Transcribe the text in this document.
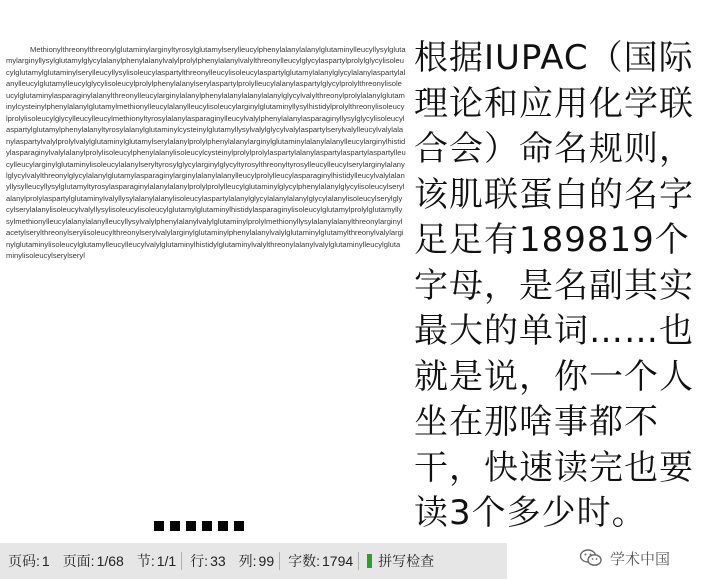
Methionylthreonylthreonylglutaminylarginyltyrosylglutamylserylleucylphenylalanylalanylglutaminylleucyllysylglutamylarginyllysylglutamylglycylalanylphenylalanylvalylprolylphenylalanylvalylthreonylleucylglycylaspartylprolylglycylisoleucylglutamylglutaminylserylleucyllysylisoleucylaspartylthreonylleucylisoleucylaspartylglutamylalanylglycylalanylaspartylalanylleucylglutamylleucylglycylisoleucylprolylphenylalanylserylaspartylprolylleucylalanylaspartylglycylprolylthreonylisoleucylglutaminylasparaginylalanylthreonylleucylarginylalanylphenylalanylalanylalanylglycylvalylthreonylprolylalanylglutaminylcysteinylphenylalanylglutamylmethionylleucylalanylleucylisoleucylarginylglutaminyllysylhistidylprolylthreonylisoleucylprolylisoleucylglycylleucylleucylmethionyltyrosylalanylasparaginylleucylvalylphenylalanylasparaginyllysylglycylisoleucylaspartylglutamylphenylalanyltyrosylalanylglutaminylcysteinylglutamyllysylvalylglycylvalylaspartylserylvalylleucylvalylalanylaspartylvalylprolylvalylglutaminylglutamylserylalanylprolylphenylalanylarginylglutaminylalanylalanylleucylarginylhistidylasparaginylvalylalanylprolylisoleucylphenylalanylisoleucylcysteinylprolylprolylaspartylalanylaspartylaspartylaspartylleucylleucylarginylglutaminylisoleucylalanylseryltyrosylglycylarginylglycyltyrosylthreonyltyrosylleucylleucylserylarginylalanylglycylvalylthreonylglycylalanylglutamylasparaginylarginylalanylalanylleucylprolylleucylasparaginylhistidylleucylvalylalanyllysylleucyllysylglutamyltyrosylasparaginylalanylalanylprolylprolylleucylglutaminylglycylphenylalanylglycylisoleucylserylalanylprolylaspartylglutaminylvalyllysylalanylalanylisoleucylaspartylalanylglycylalanylalanylglycylalanylisoleucylserylglycylserylalanylisoleucylvalyllysylisoleucylisoleucylglutamylglutaminylhistidylasparaginylisoleucylglutamylprolylglutamyllysylmethionylleucylalanylalanylleucyllysylvalylphenylalanylvalylglutaminylprolylmethionyllysylalanylalanylthreonylarginylacetylserylthreonylserylisoleucylthreonylserylvalylarginylglutaminylphenylalanylvalylglutaminylglutamylthreonylvalylarginylglutaminylisoleucylglutamylleucylleucylvalylglutaminylhistidylglutaminylvalylthreonylalanylvalylglutaminylleucylglutaminylisoleucylserylseryl
根据IUPAC（国际理论和应用化学联合会）命名规则，该肌联蛋白的名字足足有189819个字母，是名副其实最大的单词……也就是说，你一个人坐在那啥事都不干，快速读完也要读3个多少时。
页码: 1 页面: 1/68 节: 1/1 行: 33 列: 99 字数: 1794 拼写检查	学术中国
